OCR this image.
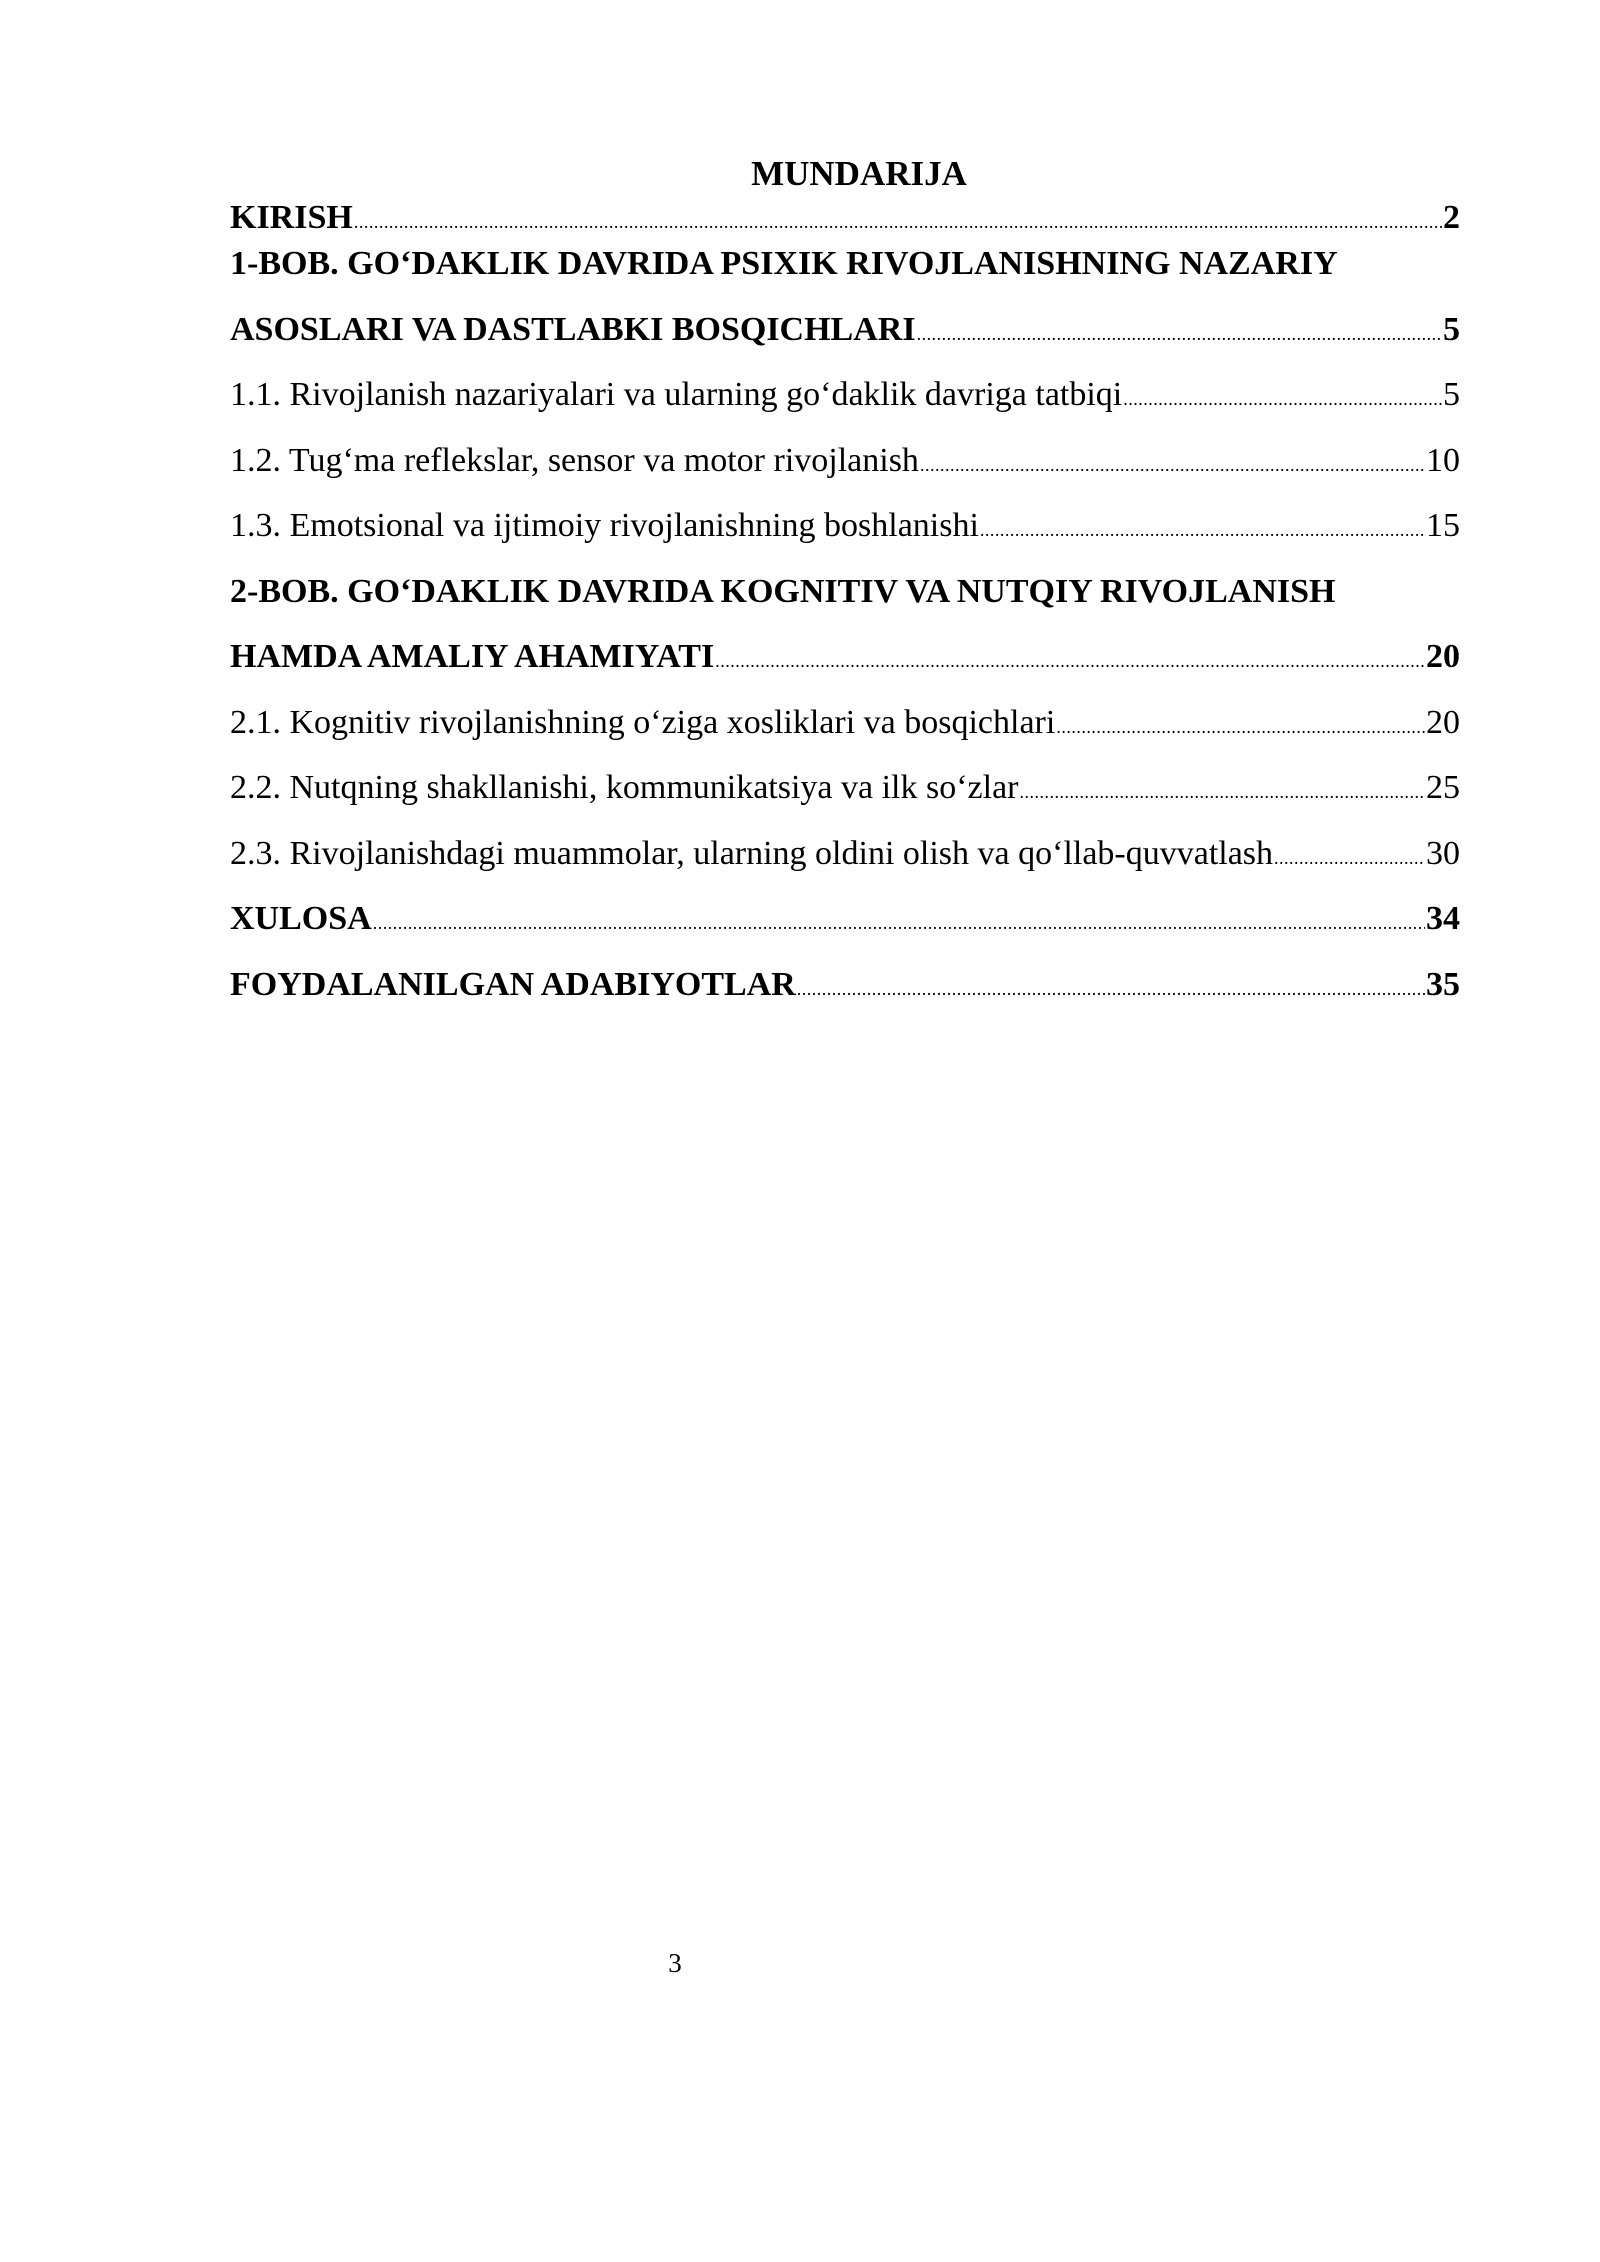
MUNDARIJA
KIRISH .....	2
1-BOB. GO‘DAKLIK DAVRIDA PSIXIK RIVOJLANISHNING NAZARIY
ASOSLARI VA DASTLABKI BOSQICHLARI .....	5
1.1. Rivojlanish nazariyalari va ularning go‘daklik davriga tatbiqi .....	5
1.2. Tug‘ma reflekslar, sensor va motor rivojlanish .....	10
1.3. Emotsional va ijtimoiy rivojlanishning boshlanishi .....	15
2-BOB. GO‘DAKLIK DAVRIDA KOGNITIV VA NUTQIY RIVOJLANISH
HAMDA AMALIY AHAMIYATI .....	20
2.1. Kognitiv rivojlanishning o‘ziga xosliklari va bosqichlari .....	20
2.2. Nutqning shakllanishi, kommunikatsiya va ilk so‘zlar .....	25
2.3. Rivojlanishdagi muammolar, ularning oldini olish va qo‘llab-quvvatlash .....	30
XULOSA .....	34
FOYDALANILGAN ADABIYOTLAR .....	35
3
